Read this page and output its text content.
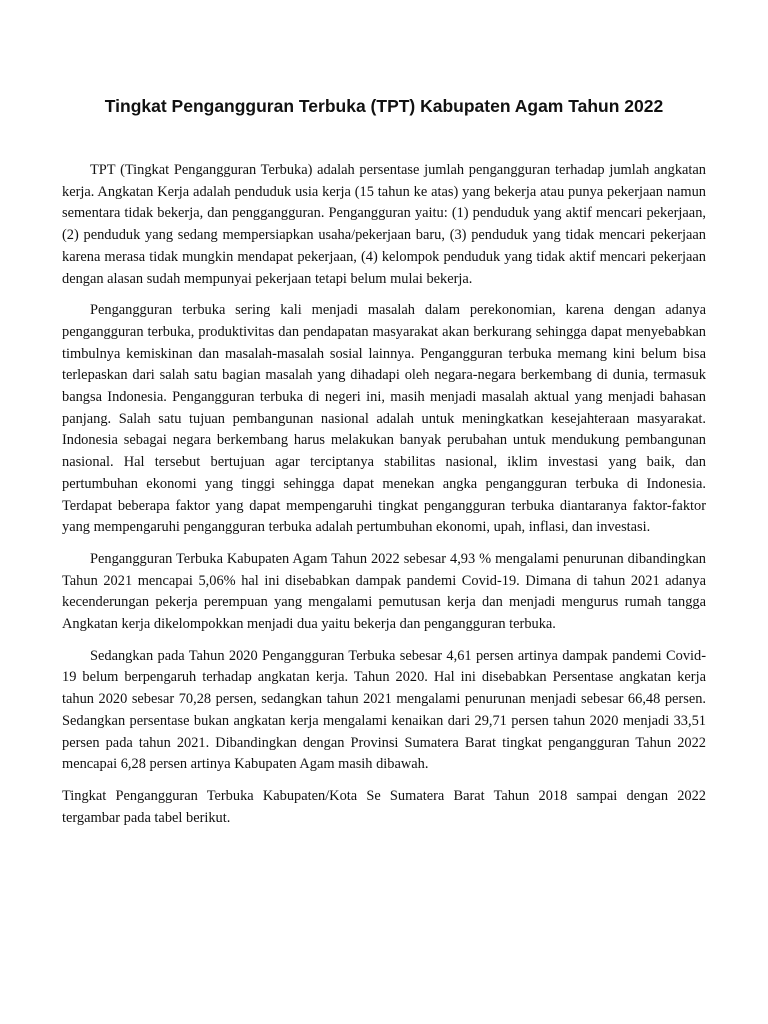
Tingkat Pengangguran Terbuka (TPT) Kabupaten Agam Tahun 2022

TPT (Tingkat Pengangguran Terbuka) adalah persentase jumlah pengangguran terhadap jumlah angkatan kerja. Angkatan Kerja adalah penduduk usia kerja (15 tahun ke atas) yang bekerja atau punya pekerjaan namun sementara tidak bekerja, dan penggangguran. Pengangguran yaitu: (1) penduduk yang aktif mencari pekerjaan, (2) penduduk yang sedang mempersiapkan usaha/pekerjaan baru, (3) penduduk yang tidak mencari pekerjaan karena merasa tidak mungkin mendapat pekerjaan, (4) kelompok penduduk yang tidak aktif mencari pekerjaan dengan alasan sudah mempunyai pekerjaan tetapi belum mulai bekerja.

Pengangguran terbuka sering kali menjadi masalah dalam perekonomian, karena dengan adanya pengangguran terbuka, produktivitas dan pendapatan masyarakat akan berkurang sehingga dapat menyebabkan timbulnya kemiskinan dan masalah-masalah sosial lainnya. Pengangguran terbuka memang kini belum bisa terlepaskan dari salah satu bagian masalah yang dihadapi oleh negara-negara berkembang di dunia, termasuk bangsa Indonesia. Pengangguran terbuka di negeri ini, masih menjadi masalah aktual yang menjadi bahasan panjang. Salah satu tujuan pembangunan nasional adalah untuk meningkatkan kesejahteraan masyarakat. Indonesia sebagai negara berkembang harus melakukan banyak perubahan untuk mendukung pembangunan nasional. Hal tersebut bertujuan agar terciptanya stabilitas nasional, iklim investasi yang baik, dan pertumbuhan ekonomi yang tinggi sehingga dapat menekan angka pengangguran terbuka di Indonesia. Terdapat beberapa faktor yang dapat mempengaruhi tingkat pengangguran terbuka diantaranya faktor-faktor yang mempengaruhi pengangguran terbuka adalah pertumbuhan ekonomi, upah, inflasi, dan investasi.

Pengangguran Terbuka Kabupaten Agam Tahun 2022 sebesar 4,93 % mengalami penurunan dibandingkan Tahun 2021 mencapai 5,06% hal ini disebabkan dampak pandemi Covid-19. Dimana di tahun 2021 adanya kecenderungan pekerja perempuan yang mengalami pemutusan kerja dan menjadi mengurus rumah tangga Angkatan kerja dikelompokkan menjadi dua yaitu bekerja dan pengangguran terbuka.

Sedangkan pada Tahun 2020 Pengangguran Terbuka sebesar 4,61 persen artinya dampak pandemi Covid-19 belum berpengaruh terhadap angkatan kerja. Tahun 2020. Hal ini disebabkan Persentase angkatan kerja tahun 2020 sebesar 70,28 persen, sedangkan tahun 2021 mengalami penurunan menjadi sebesar 66,48 persen. Sedangkan persentase bukan angkatan kerja mengalami kenaikan dari 29,71 persen tahun 2020 menjadi 33,51 persen pada tahun 2021. Dibandingkan dengan Provinsi Sumatera Barat tingkat pengangguran Tahun 2022 mencapai 6,28 persen artinya Kabupaten Agam masih dibawah.

Tingkat Pengangguran Terbuka Kabupaten/Kota Se Sumatera Barat Tahun 2018 sampai dengan 2022 tergambar pada tabel berikut.
